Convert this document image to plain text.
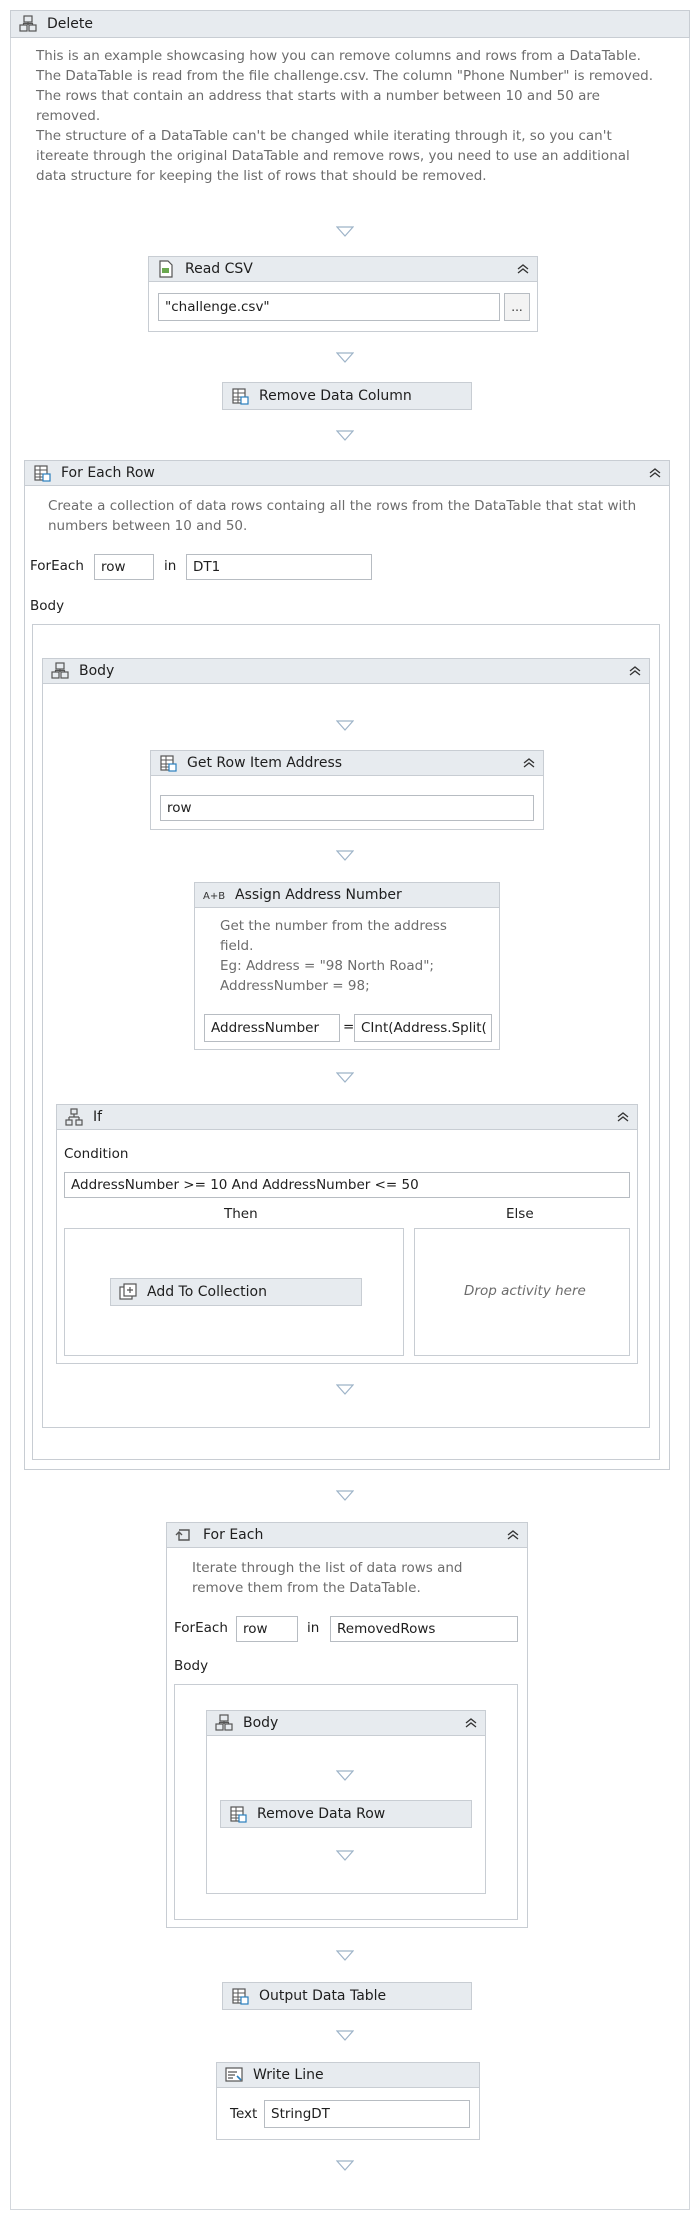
Delete
This is an example showcasing how you can remove columns and rows from a DataTable. The DataTable is read from the file challenge.csv. The column "Phone Number" is removed. The rows that contain an address that starts with a number between 10 and 50 are removed.
The structure of a DataTable can't be changed while iterating through it, so you can't itereate through the original DataTable and remove rows, you need to use an additional data structure for keeping the list of rows that should be removed.
Read CSV
"challenge.csv"	...
Remove Data Column
For Each Row
Create a collection of data rows containg all the rows from the DataTable that stat with numbers between 10 and 50.
ForEach	row	in	DT1
Body
Body
Get Row Item Address
row
Assign Address Number
Get the number from the address field.
Eg: Address = "98 North Road"; AddressNumber = 98;
AddressNumber	= CInt(Address.Split(
If
Condition
AddressNumber >= 10 And AddressNumber <= 50
Then	Else
Add To Collection	Drop activity here
For Each
Iterate through the list of data rows and remove them from the DataTable.
ForEach	row	in	RemovedRows
Body
Body
Remove Data Row
Output Data Table
Write Line
Text	StringDT
